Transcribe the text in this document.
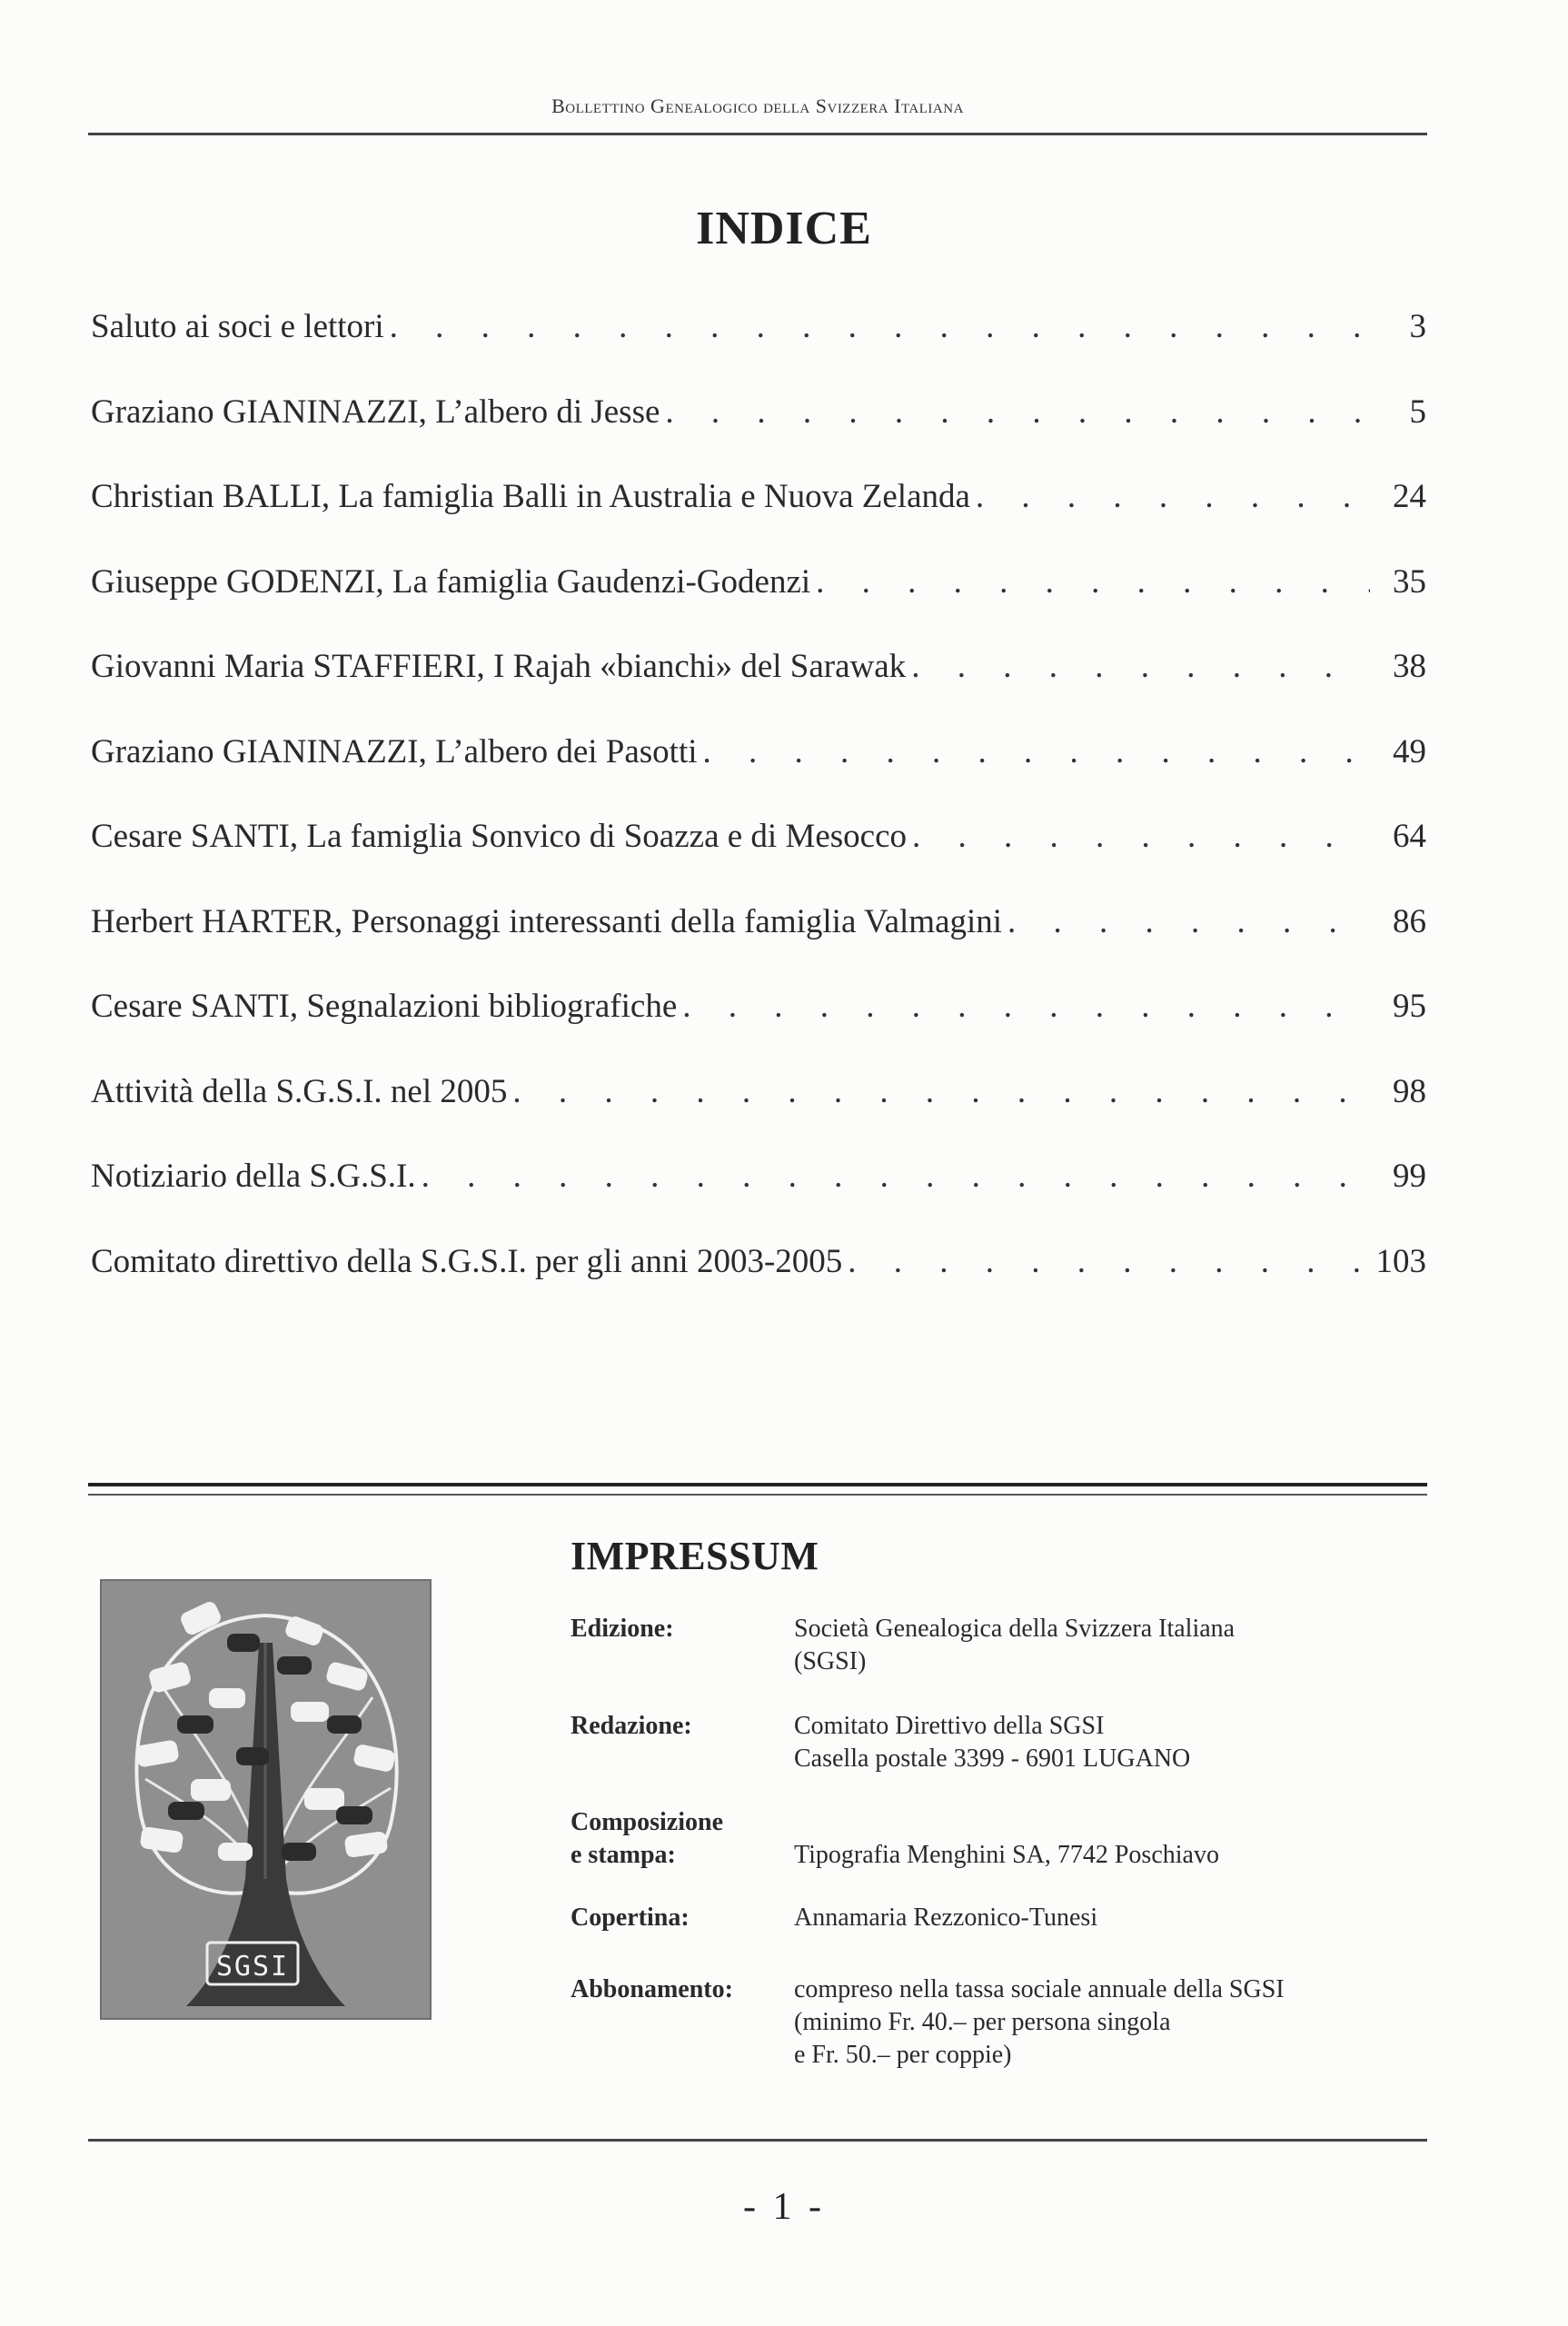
Bollettino Genealogico della Svizzera Italiana
INDICE
Saluto ai soci e lettori . . .	3
Graziano GIANINAZZI, L’albero di Jesse . . .	5
Christian BALLI, La famiglia Balli in Australia e Nuova Zelanda . . .	24
Giuseppe GODENZI, La famiglia Gaudenzi-Godenzi . . .	35
Giovanni Maria STAFFIERI, I Rajah «bianchi» del Sarawak . . .	38
Graziano GIANINAZZI, L’albero dei Pasotti . . .	49
Cesare SANTI, La famiglia Sonvico di Soazza e di Mesocco . . .	64
Herbert HARTER, Personaggi interessanti della famiglia Valmagini . . .	86
Cesare SANTI, Segnalazioni bibliografiche . . .	95
Attività della S.G.S.I. nel 2005 . . .	98
Notiziario della S.G.S.I. . . .	99
Comitato direttivo della S.G.S.I. per gli anni 2003-2005 . . .	103
IMPRESSUM
SGSI
Edizione:	Società Genealogica della Svizzera Italiana
(SGSI)
Redazione:	Comitato Direttivo della SGSI
Casella postale 3399 - 6901 LUGANO
Composizione
e stampa:	Tipografia Menghini SA, 7742 Poschiavo
Copertina:	Annamaria Rezzonico-Tunesi
Abbonamento:	compreso nella tassa sociale annuale della SGSI
(minimo Fr. 40.– per persona singola
e Fr. 50.– per coppie)
- 1 -
